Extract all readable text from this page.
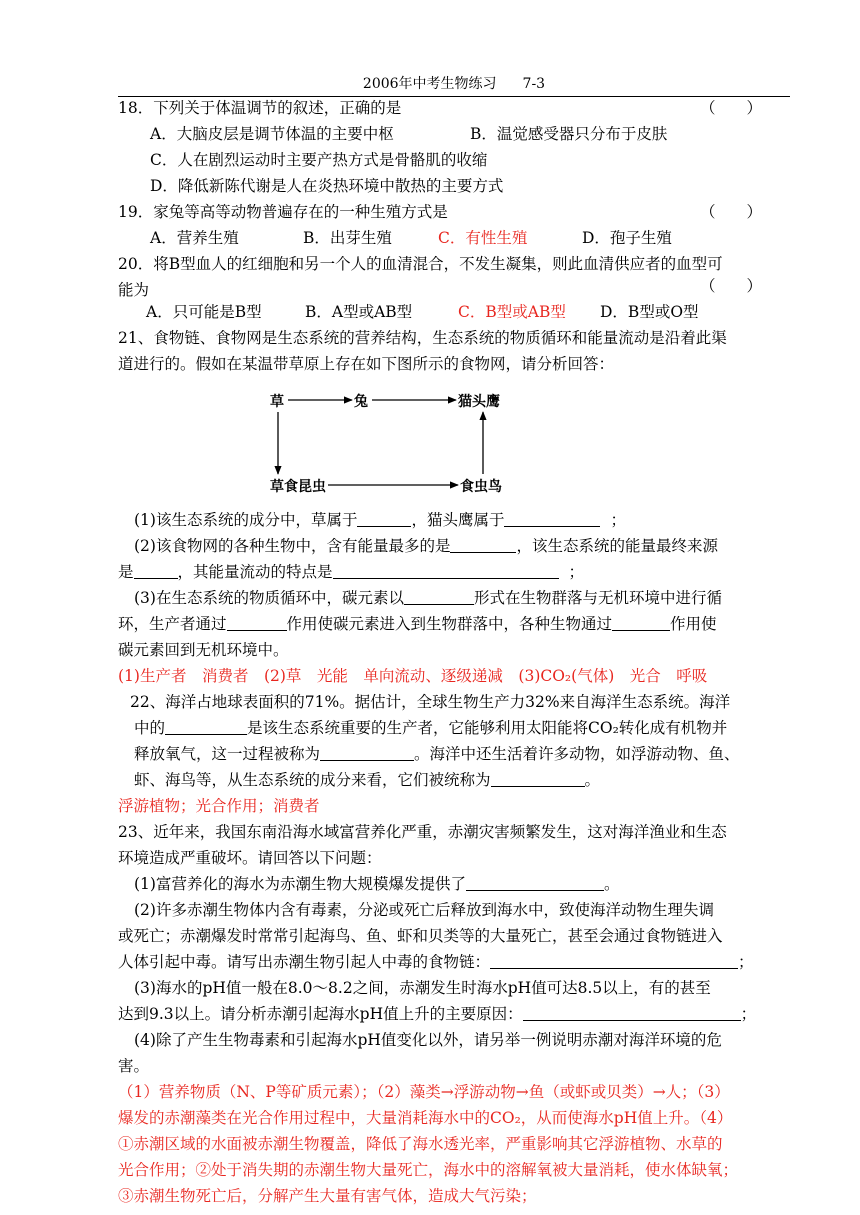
2006年中考生物练习 7-3
18．下列关于体温调节的叙述，正确的是	（　　）
A．大脑皮层是调节体温的主要中枢	B．温觉感受器只分布于皮肤
C．人在剧烈运动时主要产热方式是骨骼肌的收缩
D．降低新陈代谢是人在炎热环境中散热的主要方式
19．家兔等高等动物普遍存在的一种生殖方式是	（　　）
A．营养生殖	B．出芽生殖	C．有性生殖	D．孢子生殖
20．将B型血人的红细胞和另一个人的血清混合，不发生凝集，则此血清供应者的血型可
能为	（　　）
A．只可能是B型	B．A型或AB型	C．B型或AB型 D．B型或O型
21、食物链、食物网是生态系统的营养结构，生态系统的物质循环和能量流动是沿着此渠
道进行的。假如在某温带草原上存在如下图所示的食物网，请分析回答：
草	兔	猫头鹰
草食昆虫	食虫鸟
(1)该生态系统的成分中，草属于	，猫头鹰属于	；
(2)该食物网的各种生物中，含有能量最多的是	，该生态系统的能量最终来源
是	，其能量流动的特点是	；
(3)在生态系统的物质循环中，碳元素以	形式在生物群落与无机环境中进行循
环，生产者通过	作用使碳元素进入到生物群落中，各种生物通过	作用使
碳元素回到无机环境中。
(1)生产者　消费者　(2)草　光能　单向流动、逐级递减　(3)CO₂(气体)　光合　呼吸
22、海洋占地球表面积的71%。据估计，全球生物生产力32%来自海洋生态系统。海洋
中的	是该生态系统重要的生产者，它能够利用太阳能将CO₂转化成有机物并
释放氧气，这一过程被称为	。海洋中还生活着许多动物，如浮游动物、鱼、
虾、海鸟等，从生态系统的成分来看，它们被统称为	。
浮游植物；光合作用；消费者
23、近年来，我国东南沿海水域富营养化严重，赤潮灾害频繁发生，这对海洋渔业和生态
环境造成严重破坏。请回答以下问题：
(1)富营养化的海水为赤潮生物大规模爆发提供了	。
(2)许多赤潮生物体内含有毒素，分泌或死亡后释放到海水中，致使海洋动物生理失调
或死亡；赤潮爆发时常常引起海鸟、鱼、虾和贝类等的大量死亡，甚至会通过食物链进入
人体引起中毒。请写出赤潮生物引起人中毒的食物链：	；
(3)海水的pH值一般在8.0～8.2之间，赤潮发生时海水pH值可达8.5以上，有的甚至
达到9.3以上。请分析赤潮引起海水pH值上升的主要原因：	；
(4)除了产生生物毒素和引起海水pH值变化以外，请另举一例说明赤潮对海洋环境的危
害。
（1）营养物质（N、P等矿质元素）；（2）藻类→浮游动物→鱼（或虾或贝类）→人；（3）
爆发的赤潮藻类在光合作用过程中，大量消耗海水中的CO₂，从而使海水pH值上升。（4）
①赤潮区域的水面被赤潮生物覆盖，降低了海水透光率，严重影响其它浮游植物、水草的
光合作用；②处于消失期的赤潮生物大量死亡，海水中的溶解氧被大量消耗，使水体缺氧；
③赤潮生物死亡后，分解产生大量有害气体，造成大气污染；
